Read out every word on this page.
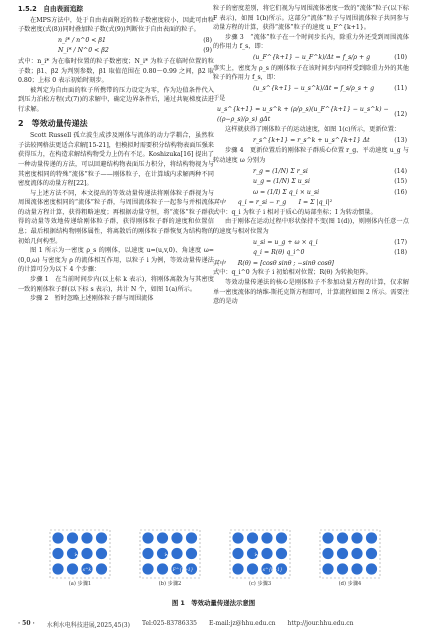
1.5.2　自由表面追踪

在MPS方法中，处于自由表面附近的粒子数密度较小，因此可由粒子数密度(式(8))同时叠加粒子数(式(9))判断位于自由表面的粒子。

n_i* / n^0 < β1	(8)
N_i* / N^0 < β2	(9)

式中：n_i* 为在临时位置的粒子数密度；N_i* 为粒子在临时位置的粒子数；β1、β2 为判别参数，β1 取值范围在 0.80～0.99 之间，β2 取 0.80；上标 0 表示初始时刻步。

被判定为自由面的粒子所携带的压力设定为零，作为边值条件代入到压力泊松方程(式(7))的求解中，确定边界条件后，通过共轭梯度法进行求解。

2　等效动量传递法

Scott Russell 孤立波生成涉及刚体与流体的动力学耦合，虽然粒子法较网格法更适合求解[15-21]，但模拟时需要积分结构物表面压强来获得压力，在构造求解结构物受力上仍有不足。Koshizuka[16] 提出了一种动量传递的方法，可以回避结构物表面压力积分，将结构物视为与其密度相同的特殊“流体”粒子——刚体粒子，在计算域内求解两种不同密度流体的动量方程[22]。

与上述方法不同，本文提出的等效动量传递法将刚体粒子群视为与周围流体密度相同的“流体”粒子群，与周围流体粒子一起参与并相流体的动量方程计算，获得粗略速度；再根据动量守恒，将“流体”粒子群获得的动量等效地传递给刚体粒子群，获得刚体粒子群的速度和位置信息；最后根据结构物刚体属性，将离散后的刚体粒子群恢复为结构物的初始几何构型。

图 1 所示为一密度 ρ_s 的刚体，以速度 u=(u,v,0)、角速度 ω=(0,0,ω) 与密度为 ρ 的流体相互作用，以粒子 i 为例，等效动量传递法的计算可分为以下 4 个步骤：

步骤 1　在当前时间步内(以上标 k 表示)，将刚体离散为与其密度一致的刚体粒子群(以下标 s 表示)，共计 N 个，如图 1(a)所示。

步骤 2　暂时忽略上述刚体粒子群与周围流体

粒子的密度差别，将它们视为与周围流体密度一致的“流体”粒子(以下标 F 表示)，如图 1(b)所示。这部分“流体”粒子与周围流体粒子共同参与动量方程的计算，获得“流体”粒子的速度 u_F^{k+1}。

步骤 3　“流体”粒子在一个时间步长内，除重力外还受到周围流体的作用力 f_s，即：

(u_F^{k+1} − u_F^k)/Δt = f_s/ρ + g	(10)

事实上，密度为 ρ_s 的刚体粒子在该时间步内同样受到除重力外的其他粒子的作用力 f_s，即：

(u_s^{k+1} − u_s^k)/Δt = f_s/ρ_s + g	(11)

于是

u_s^{k+1} = u_s^k + (ρ/ρ_s)(u_F^{k+1} − u_s^k) − ((ρ−ρ_s)/ρ_s) gΔt
(12)

这样就获得了刚体粒子的运动速度，如图 1(c)所示，更新位置：

r_s^{k+1} = r_s^k + u_s^{k+1} Δt	(13)

步骤 4　更新位置后的刚体粒子群质心位置 r_g、平动速度 u_g 与转动速度 ω 分别为

r_g = (1/N) Σ r_si	(14)
u_g = (1/N) Σ u_si	(15)
ω = (1/I) Σ q_i × u_si	(16)

其中　　q_i = r_si − r_g　　I = Σ |q_i|²

式中：q_i 为粒子 i 相对于质心的局部坐标；I 为转动惯量。

由于刚体在运动过程中形状保持不变(图 1(d))，则刚体内任意一点的速度与相对位置为

u_si = u_g + ω × q_i	(17)
q_i = R(θ) q_i^0	(18)

其中　　R(θ) = [cosθ sinθ ; −sinθ cosθ]

式中：q_i^0 为粒子 i 初始相对位置；R(θ) 为转换矩阵。

等效动量传递法的核心是刚体粒子不参加动量方程的计算，仅求解单一密度流体的纳维-斯托克斯方程即可，计算流程如图 2 所示。需要注意的是动

i
u_s^k
(a) 步骤1
i
u_F^{k+1}
(b) 步骤2
i
u_s^{k+1}
(c) 步骤3	(d) 步骤4
图 1　等效动量传递法示意图
· 50 · 水利水电科技进展,2025,45(3) Tel:025-83786335 E-mail:jz@hhu.edu.cn http://jour.hhu.edu.cn
